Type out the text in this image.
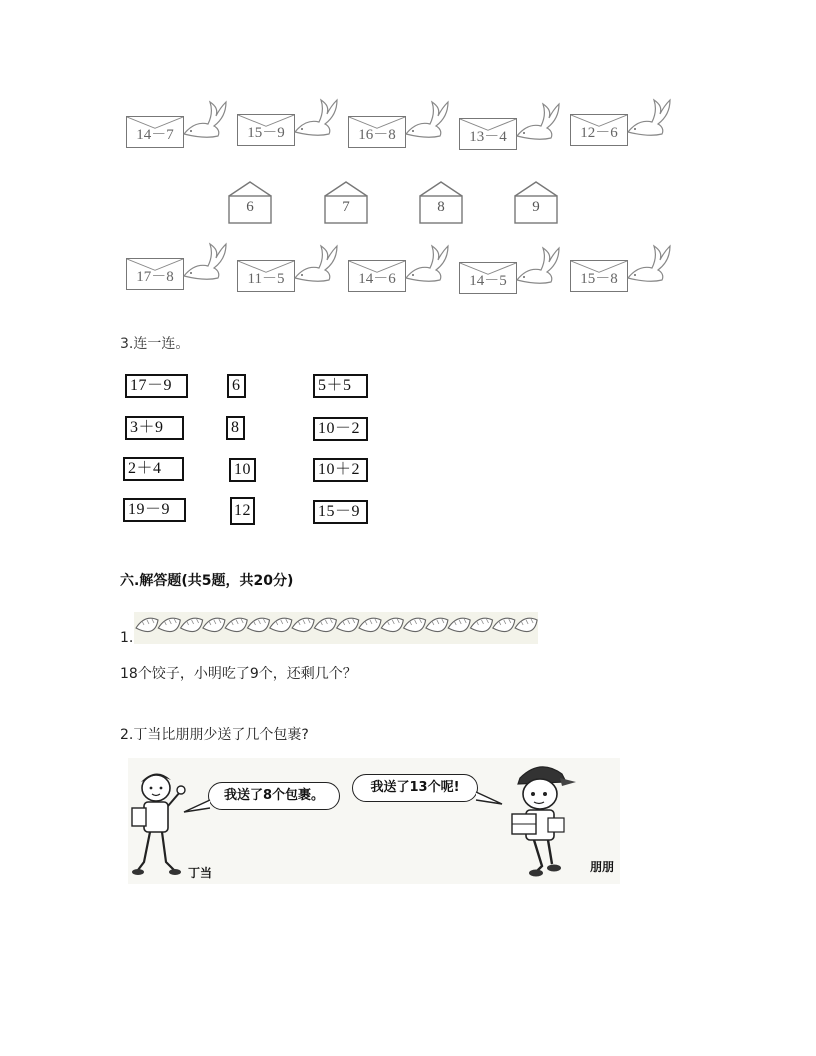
14－7	15－9	16－8	13－4	12－6
17－8	11－5	14－6	14－5	15－8
6	7	8	9
3.连一连。
17－9
3＋9
2＋4
19－9
6
8
10
12
5＋5
10－2
10＋2
15－9
六.解答题(共5题，共20分)
1.
18个饺子，小明吃了9个，还剩几个？
2.丁当比朋朋少送了几个包裹?
丁当
我送了8个包裹。
我送了13个呢!
朋朋
